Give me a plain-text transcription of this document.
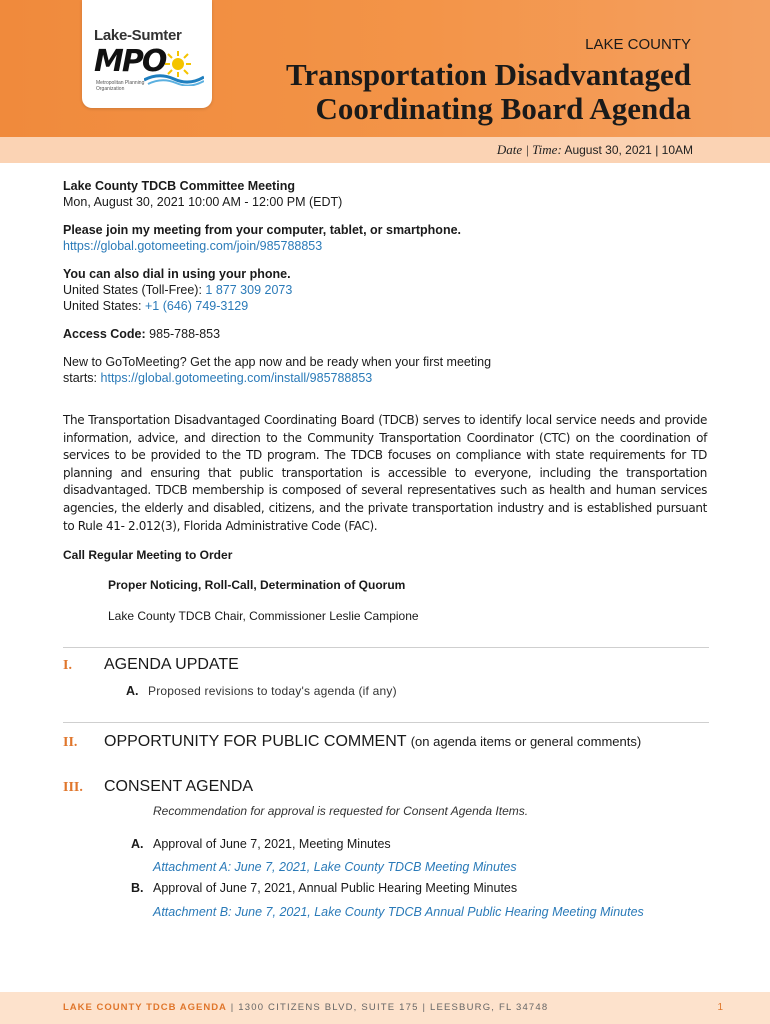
Lake-Sumter
MPO
Metropolitan Planning Organization
LAKE COUNTY
Transportation Disadvantaged
Coordinating Board Agenda
Date | Time: August 30, 2021 | 10AM
Lake County TDCB Committee Meeting
Mon, August 30, 2021 10:00 AM - 12:00 PM (EDT)
Please join my meeting from your computer, tablet, or smartphone.
https://global.gotomeeting.com/join/985788853
You can also dial in using your phone.
United States (Toll-Free): 1 877 309 2073
United States: +1 (646) 749-3129
Access Code: 985-788-853
New to GoToMeeting? Get the app now and be ready when your first meeting
starts: https://global.gotomeeting.com/install/985788853
The Transportation Disadvantaged Coordinating Board (TDCB) serves to identify local service needs and provide information, advice, and direction to the Community Transportation Coordinator (CTC) on the coordination of services to be provided to the TD program. The TDCB focuses on compliance with state requirements for TD planning and ensuring that public transportation is accessible to everyone, including the transportation disadvantaged. TDCB membership is composed of several representatives such as health and human services agencies, the elderly and disabled, citizens, and the private transportation industry and is established pursuant to Rule 41- 2.012(3), Florida Administrative Code (FAC).
Call Regular Meeting to Order
Proper Noticing, Roll-Call, Determination of Quorum
Lake County TDCB Chair, Commissioner Leslie Campione
I. AGENDA UPDATE
A. Proposed revisions to today's agenda (if any)
II. OPPORTUNITY FOR PUBLIC COMMENT (on agenda items or general comments)
III. CONSENT AGENDA
Recommendation for approval is requested for Consent Agenda Items.
A. Approval of June 7, 2021, Meeting Minutes
Attachment A: June 7, 2021, Lake County TDCB Meeting Minutes
B. Approval of June 7, 2021, Annual Public Hearing Meeting Minutes
Attachment B: June 7, 2021, Lake County TDCB Annual Public Hearing Meeting Minutes
LAKE COUNTY TDCB AGENDA | 1300 CITIZENS BLVD, SUITE 175 | LEESBURG, FL 34748	1
